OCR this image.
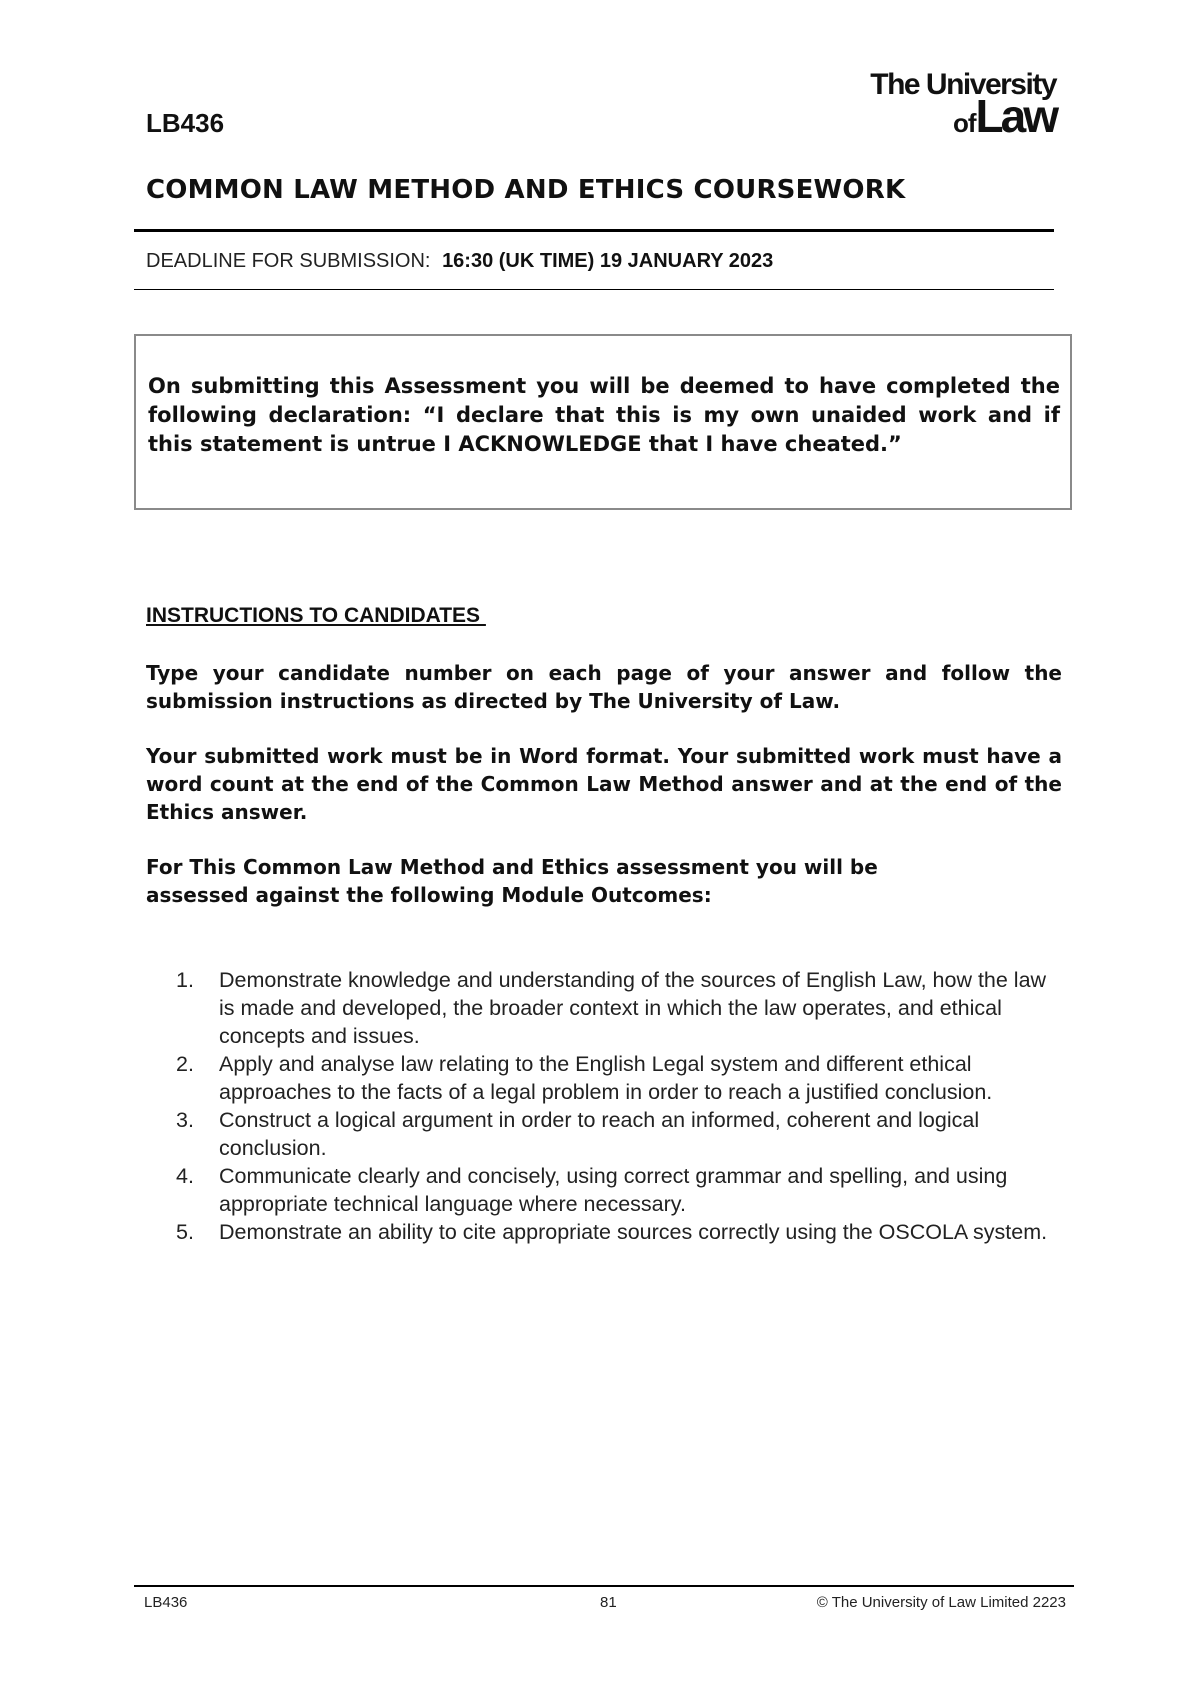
The University
ofLaw
LB436
COMMON LAW METHOD AND ETHICS COURSEWORK
DEADLINE FOR SUBMISSION: 16:30 (UK TIME) 19 JANUARY 2023
On submitting this Assessment you will be deemed to have completed the following declaration: “I declare that this is my own unaided work and if this statement is untrue I ACKNOWLEDGE that I have cheated.”
INSTRUCTIONS TO CANDIDATES
Type your candidate number on each page of your answer and follow the submission instructions as directed by The University of Law.
Your submitted work must be in Word format. Your submitted work must have a word count at the end of the Common Law Method answer and at the end of the Ethics answer.
For This Common Law Method and Ethics assessment you will be assessed against the following Module Outcomes:
1. Demonstrate knowledge and understanding of the sources of English Law, how the law is made and developed, the broader context in which the law operates, and ethical concepts and issues.
2. Apply and analyse law relating to the English Legal system and different ethical approaches to the facts of a legal problem in order to reach a justified conclusion.
3. Construct a logical argument in order to reach an informed, coherent and logical conclusion.
4. Communicate clearly and concisely, using correct grammar and spelling, and using appropriate technical language where necessary.
5. Demonstrate an ability to cite appropriate sources correctly using the OSCOLA system.
LB436	81	© The University of Law Limited 2223
